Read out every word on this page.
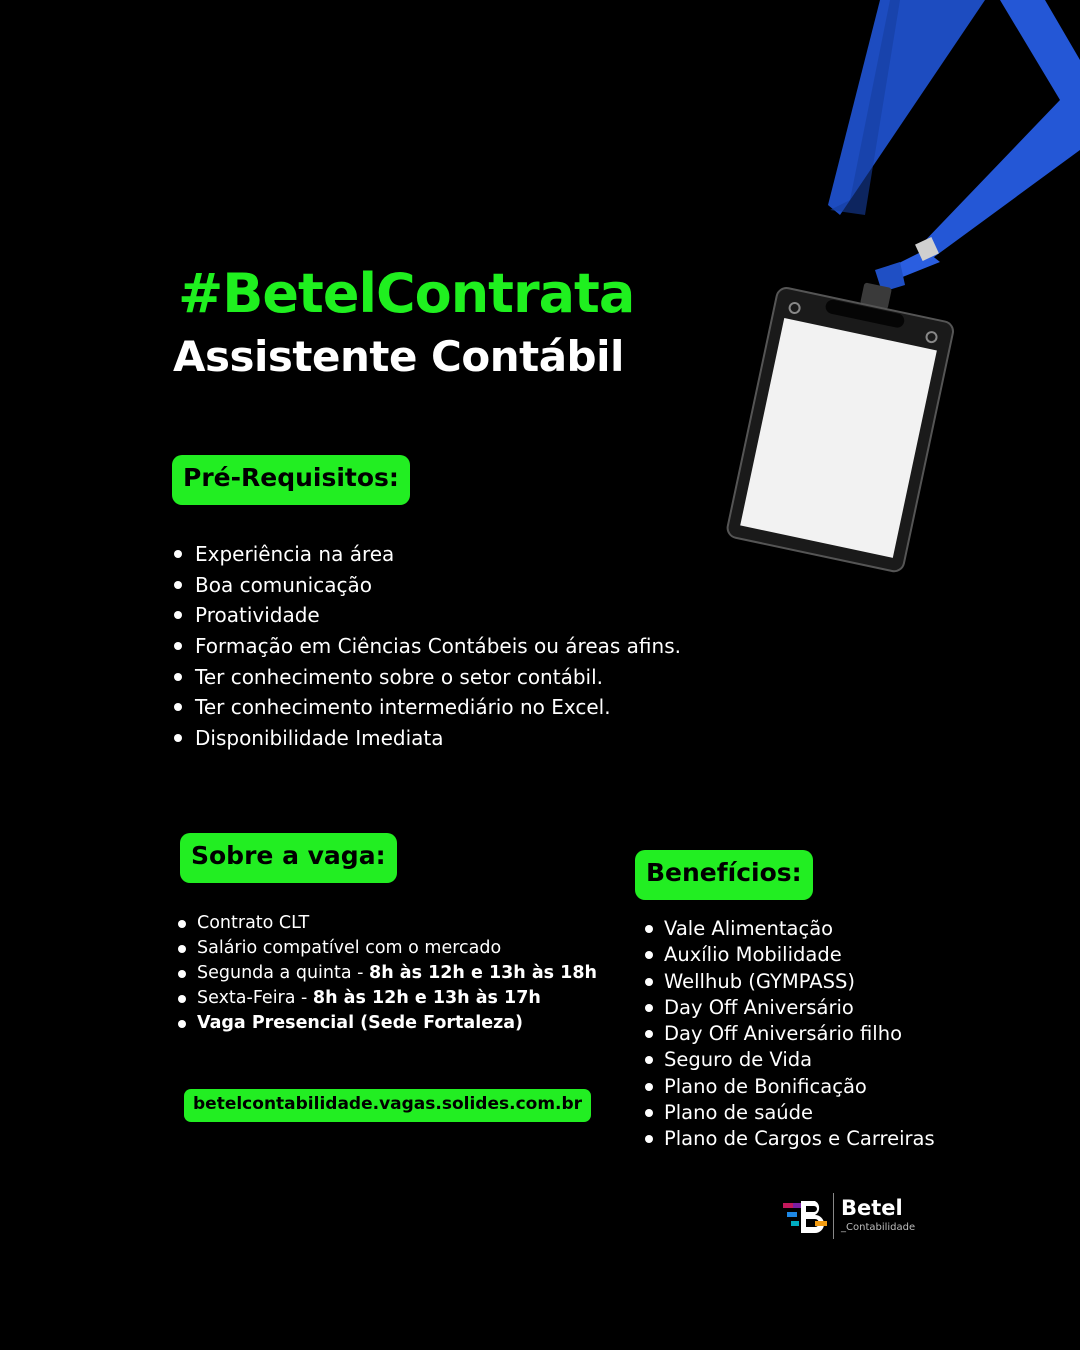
#BetelContrata
Assistente Contábil
Pré-Requisitos:
Experiência na área
Boa comunicação
Proatividade
Formação em Ciências Contábeis ou áreas afins.
Ter conhecimento sobre o setor contábil.
Ter conhecimento intermediário no Excel.
Disponibilidade Imediata
Sobre a vaga:
Contrato CLT
Salário compatível com o mercado
Segunda a quinta - 8h às 12h e 13h às 18h
Sexta-Feira - 8h às 12h e 13h às 17h
Vaga Presencial (Sede Fortaleza)
betelcontabilidade.vagas.solides.com.br
Benefícios:
Vale Alimentação
Auxílio Mobilidade
Wellhub (GYMPASS)
Day Off Aniversário
Day Off Aniversário filho
Seguro de Vida
Plano de Bonificação
Plano de saúde
Plano de Cargos e Carreiras
Betel
_Contabilidade
